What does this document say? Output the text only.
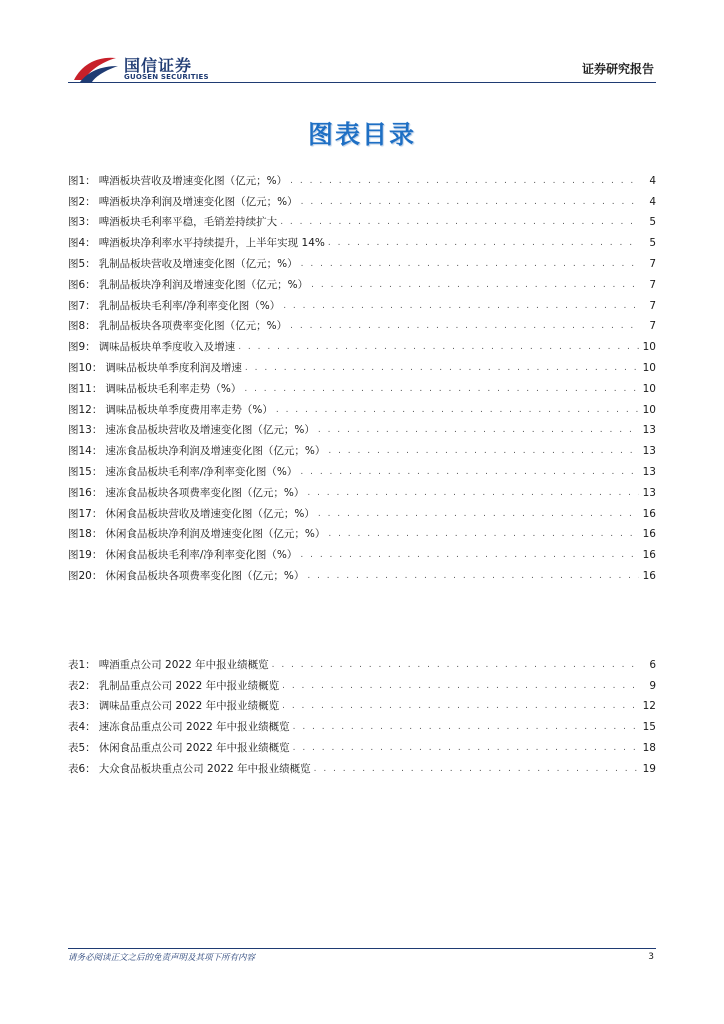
国信证券
GUOSEN SECURITIES
证券研究报告
图表目录
图1： 啤酒板块营收及增速变化图（亿元；%） . . .	4
图2： 啤酒板块净利润及增速变化图（亿元；%） . . .	4
图3： 啤酒板块毛利率平稳，毛销差持续扩大 . . .	5
图4： 啤酒板块净利率水平持续提升，上半年实现 14% . . .	5
图5： 乳制品板块营收及增速变化图（亿元；%） . . .	7
图6： 乳制品板块净利润及增速变化图（亿元；%） . . .	7
图7： 乳制品板块毛利率/净利率变化图（%） . . .	7
图8： 乳制品板块各项费率变化图（亿元；%） . . .	7
图9： 调味品板块单季度收入及增速 . . .	10
图10： 调味品板块单季度利润及增速 . . .	10
图11： 调味品板块毛利率走势（%） . . .	10
图12： 调味品板块单季度费用率走势（%） . . .	10
图13： 速冻食品板块营收及增速变化图（亿元；%） . . .	13
图14： 速冻食品板块净利润及增速变化图（亿元；%） . . .	13
图15： 速冻食品板块毛利率/净利率变化图（%） . . .	13
图16： 速冻食品板块各项费率变化图（亿元；%） . . .	13
图17： 休闲食品板块营收及增速变化图（亿元；%） . . .	16
图18： 休闲食品板块净利润及增速变化图（亿元；%） . . .	16
图19： 休闲食品板块毛利率/净利率变化图（%） . . .	16
图20： 休闲食品板块各项费率变化图（亿元；%） . . .	16
表1： 啤酒重点公司 2022 年中报业绩概览 . . .	6
表2： 乳制品重点公司 2022 年中报业绩概览 . . .	9
表3： 调味品重点公司 2022 年中报业绩概览 . . .	12
表4： 速冻食品重点公司 2022 年中报业绩概览 . . .	15
表5： 休闲食品重点公司 2022 年中报业绩概览 . . .	18
表6： 大众食品板块重点公司 2022 年中报业绩概览 . . .	19
请务必阅读正文之后的免责声明及其项下所有内容	3
